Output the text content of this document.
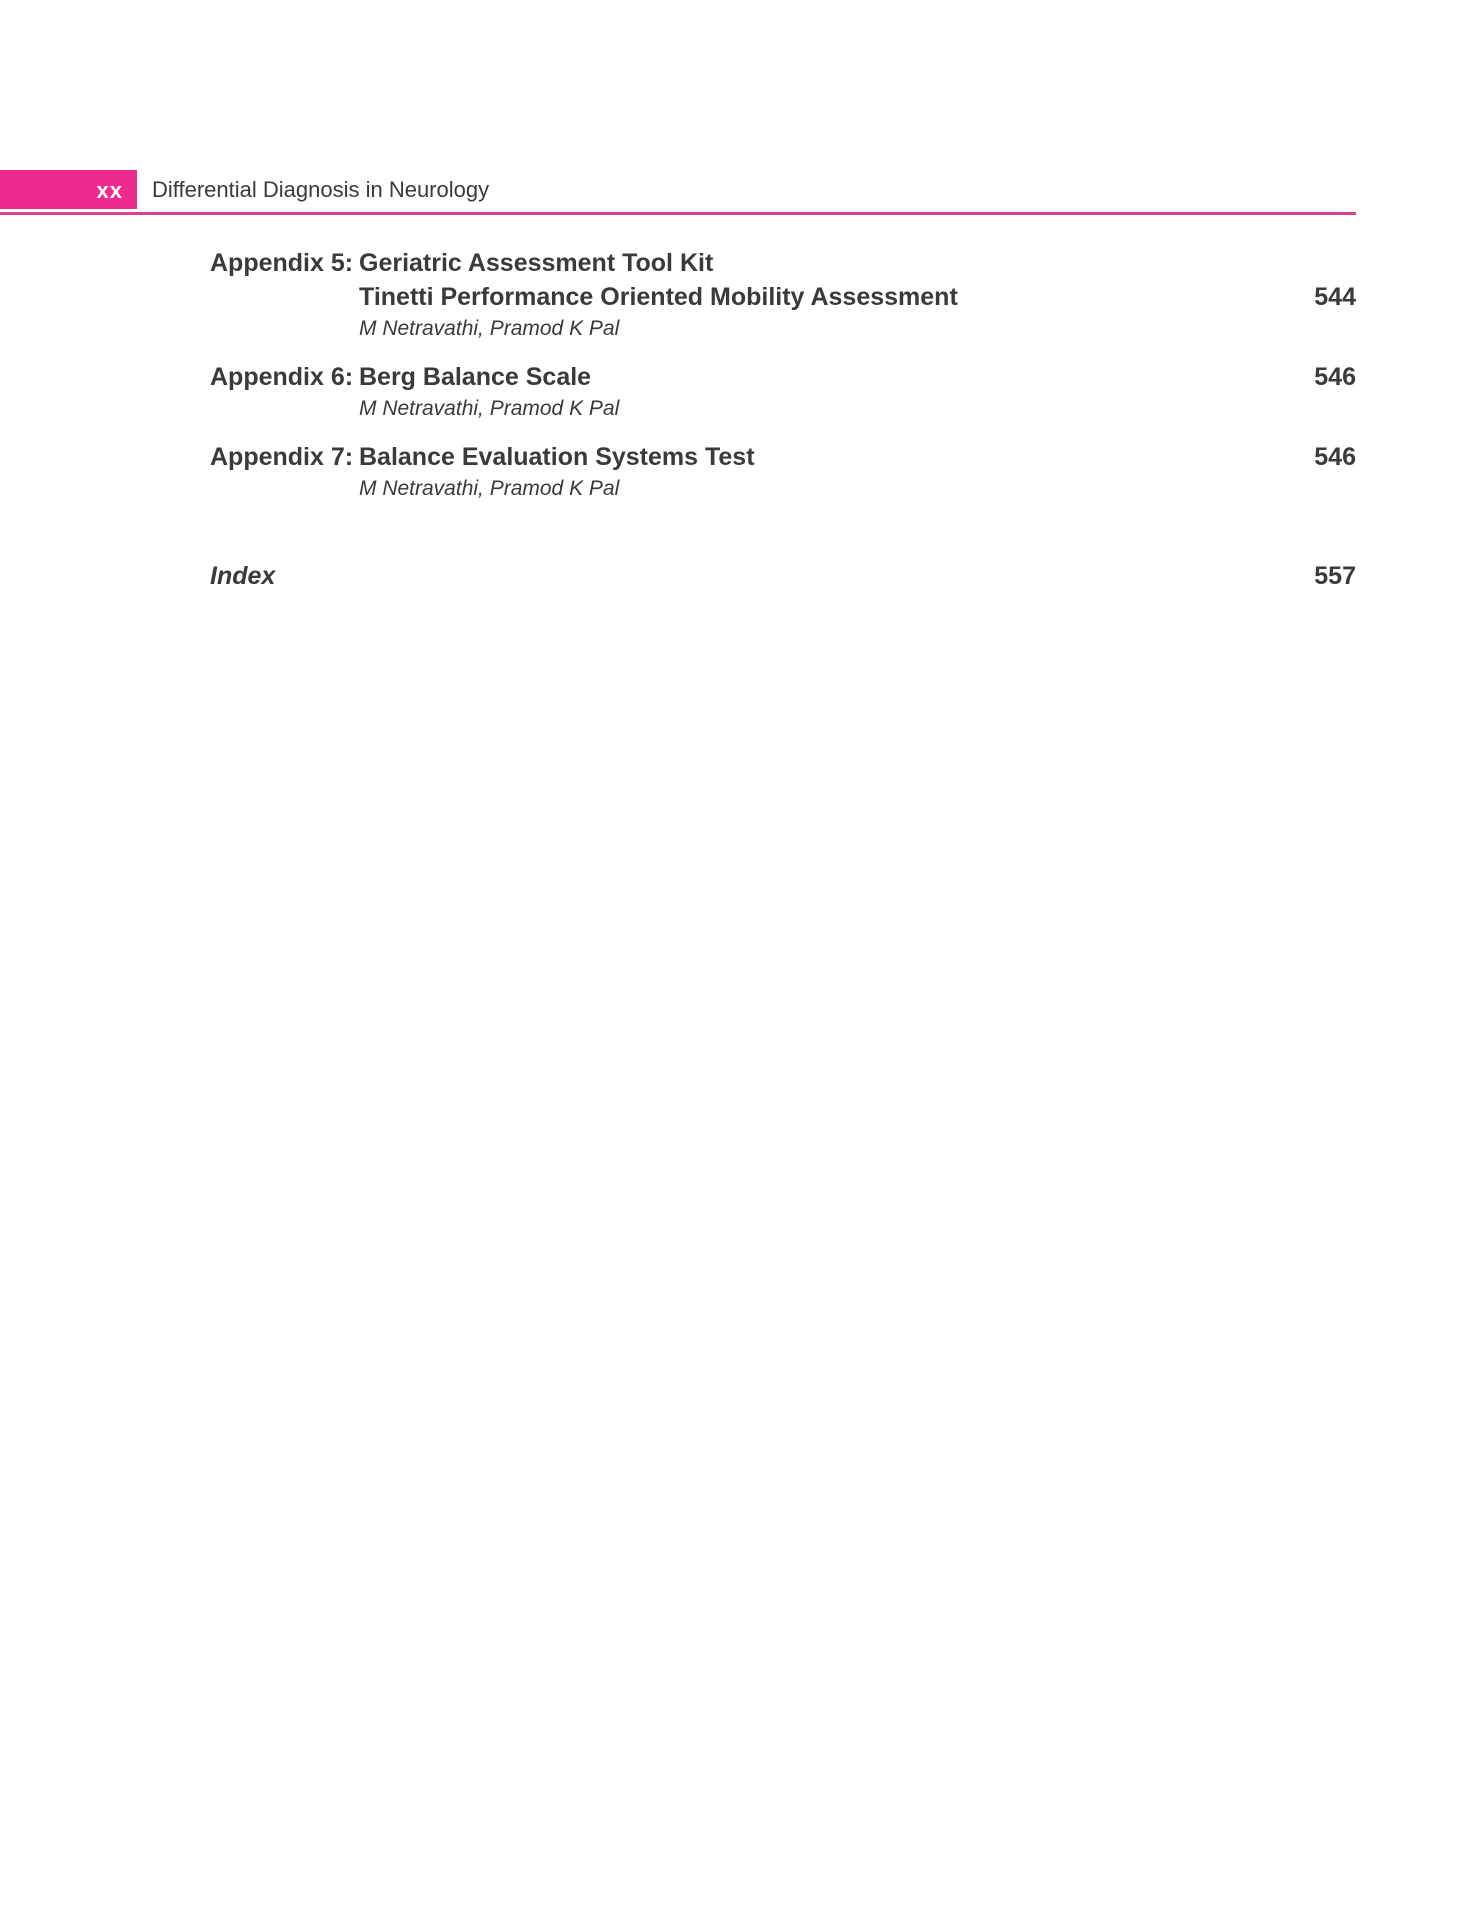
xx Differential Diagnosis in Neurology
Appendix 5: Geriatric Assessment Tool Kit
Tinetti Performance Oriented Mobility Assessment	544
M Netravathi, Pramod K Pal
Appendix 6: Berg Balance Scale	546
M Netravathi, Pramod K Pal
Appendix 7: Balance Evaluation Systems Test	546
M Netravathi, Pramod K Pal
Index	557
